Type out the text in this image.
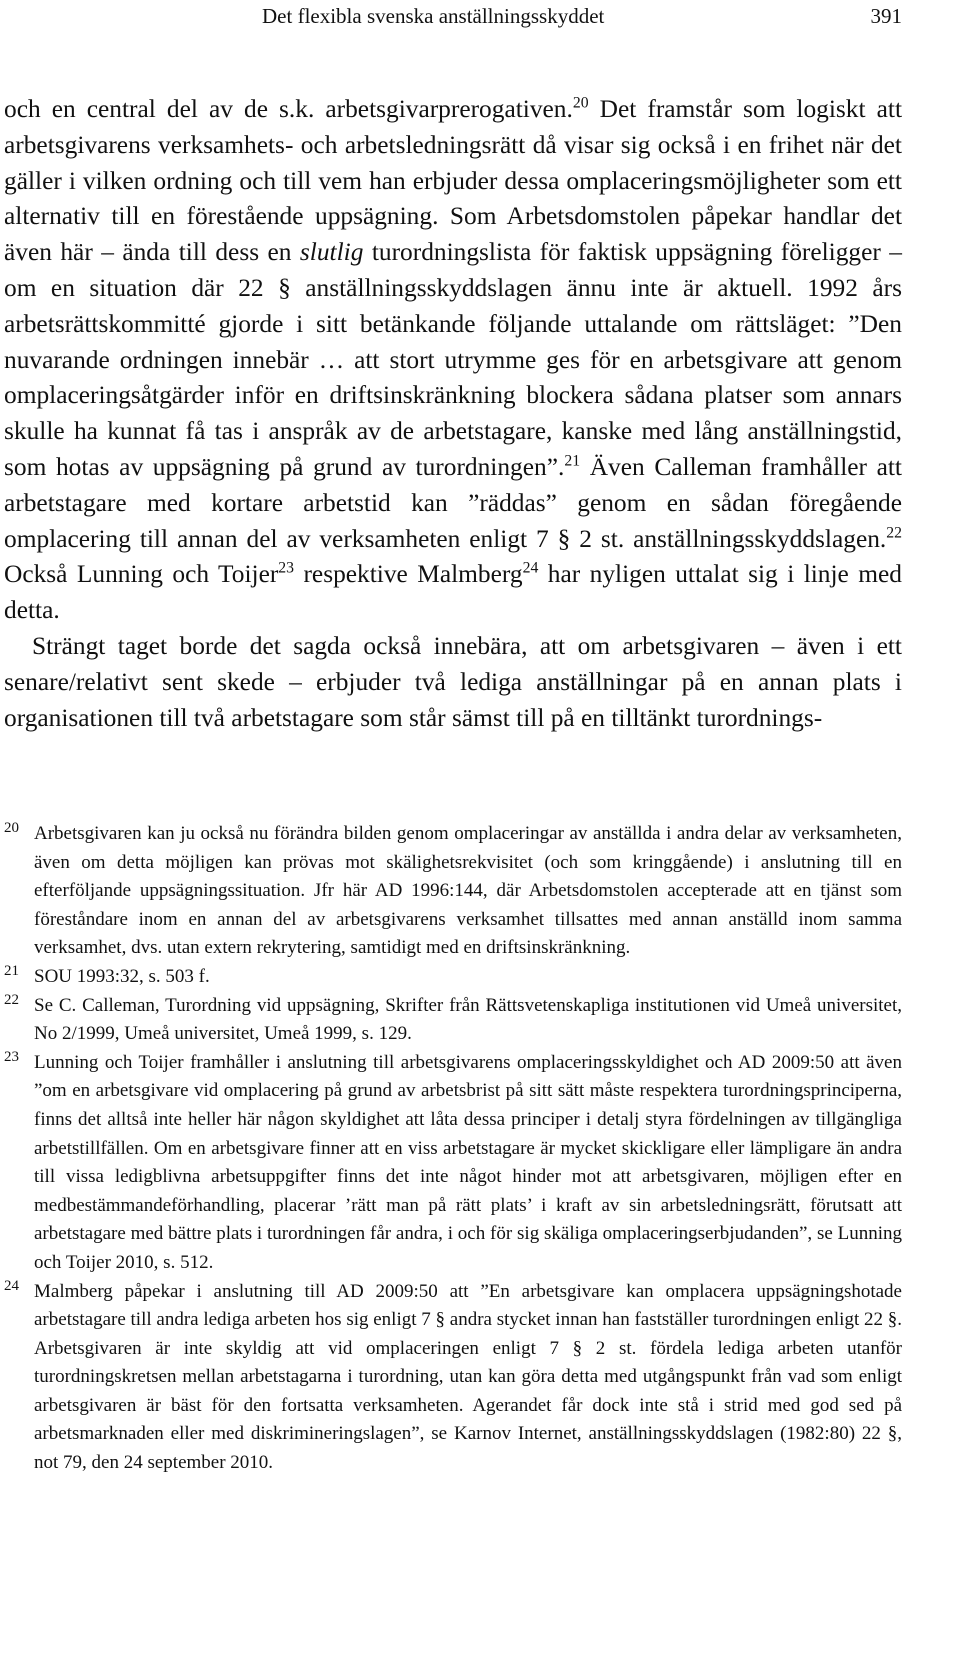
Det flexibla svenska anställningsskyddet	391

och en central del av de s.k. arbetsgivarprerogativen.$^{20}$ Det framstår som logiskt att arbetsgivarens verksamhets- och arbetsledningsrätt då visar sig också i en frihet när det gäller i vilken ordning och till vem han erbjuder dessa omplaceringsmöjligheter som ett alternativ till en förestående uppsägning. Som Arbetsdomstolen påpekar handlar det även här – ända till dess en slutlig turordningslista för faktisk uppsägning föreligger – om en situation där 22 § anställningsskyddslagen ännu inte är aktuell. 1992 års arbetsrättskommitté gjorde i sitt betänkande följande uttalande om rättsläget: ”Den nuvarande ordningen innebär … att stort utrymme ges för en arbetsgivare att genom omplaceringsåtgärder inför en driftsinskränkning blockera sådana platser som annars skulle ha kunnat få tas i anspråk av de arbetstagare, kanske med lång anställningstid, som hotas av uppsägning på grund av turordningen”.$^{21}$ Även Calleman framhåller att arbetstagare med kortare arbetstid kan ”räddas” genom en sådan föregående omplacering till annan del av verksamheten enligt 7 § 2 st. anställningsskyddslagen.$^{22}$ Också Lunning och Toijer$^{23}$ respektive Malmberg$^{24}$ har nyligen uttalat sig i linje med detta.

Strängt taget borde det sagda också innebära, att om arbetsgivaren – även i ett senare/relativt sent skede – erbjuder två lediga anställningar på en annan plats i organisationen till två arbetstagare som står sämst till på en tilltänkt turordnings-

20 Arbetsgivaren kan ju också nu förändra bilden genom omplaceringar av anställda i andra delar av verksamheten, även om detta möjligen kan prövas mot skälighetsrekvisitet (och som kringgående) i anslutning till en efterföljande uppsägningssituation. Jfr här AD 1996:144, där Arbetsdomstolen accepterade att en tjänst som föreståndare inom en annan del av arbetsgivarens verksamhet tillsattes med annan anställd inom samma verksamhet, dvs. utan extern rekrytering, samtidigt med en driftsinskränkning.

21 SOU 1993:32, s. 503 f.

22 Se C. Calleman, Turordning vid uppsägning, Skrifter från Rättsvetenskapliga institutionen vid Umeå universitet, No 2/1999, Umeå universitet, Umeå 1999, s. 129.

23 Lunning och Toijer framhåller i anslutning till arbetsgivarens omplaceringsskyldighet och AD 2009:50 att även ”om en arbetsgivare vid omplacering på grund av arbetsbrist på sitt sätt måste respektera turordningsprinciperna, finns det alltså inte heller här någon skyldighet att låta dessa principer i detalj styra fördelningen av tillgängliga arbetstillfällen. Om en arbetsgivare finner att en viss arbetstagare är mycket skickligare eller lämpligare än andra till vissa ledigblivna arbetsuppgifter finns det inte något hinder mot att arbetsgivaren, möjligen efter en medbestämmandeförhandling, placerar ’rätt man på rätt plats’ i kraft av sin arbetsledningsrätt, förutsatt att arbetstagare med bättre plats i turordningen får andra, i och för sig skäliga omplaceringserbjudanden”, se Lunning och Toijer 2010, s. 512.

24 Malmberg påpekar i anslutning till AD 2009:50 att ”En arbetsgivare kan omplacera uppsägningshotade arbetstagare till andra lediga arbeten hos sig enligt 7 § andra stycket innan han fastställer turordningen enligt 22 §. Arbetsgivaren är inte skyldig att vid omplaceringen enligt 7 § 2 st. fördela lediga arbeten utanför turordningskretsen mellan arbetstagarna i turordning, utan kan göra detta med utgångspunkt från vad som enligt arbetsgivaren är bäst för den fortsatta verksamheten. Agerandet får dock inte stå i strid med god sed på arbetsmarknaden eller med diskrimineringslagen”, se Karnov Internet, anställningsskyddslagen (1982:80) 22 §, not 79, den 24 september 2010.
